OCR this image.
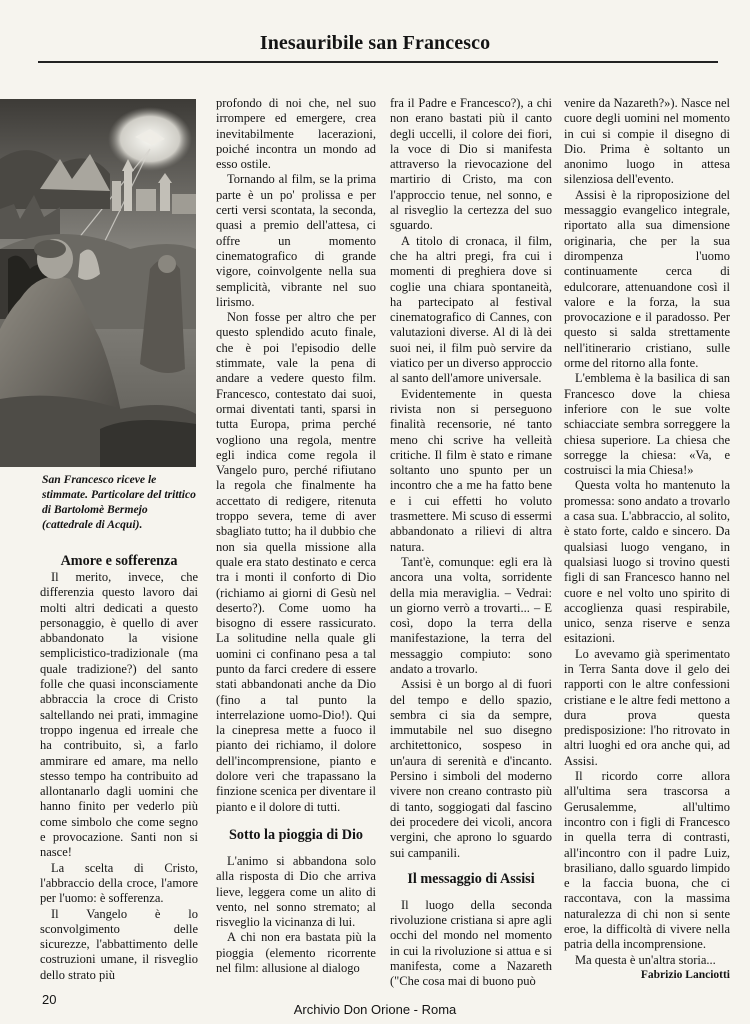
Inesauribile san Francesco
San Francesco riceve le stimmate. Particolare del trittico di Bartolomè Bermejo (cattedrale di Acqui).
Amore e sofferenza

Il merito, invece, che differenzia questo lavoro dai molti altri dedicati a questo personaggio, è quello di aver abbandonato la visione semplicistico-tradizionale (ma quale tradizione?) del santo folle che quasi inconsciamente abbraccia la croce di Cristo saltellando nei prati, immagine troppo ingenua ed irreale che ha contribuito, sì, a farlo ammirare ed amare, ma nello stesso tempo ha contribuito ad allontanarlo dagli uomini che hanno finito per vederlo più come simbolo che come segno e provocazione. Santi non si nasce!

La scelta di Cristo, l'abbraccio della croce, l'amore per l'uomo: è sofferenza.

Il Vangelo è lo sconvolgimento delle sicurezze, l'abbattimento delle costruzioni umane, il risveglio dello strato più

profondo di noi che, nel suo irrompere ed emergere, crea inevitabilmente lacerazioni, poiché incontra un mondo ad esso ostile.

Tornando al film, se la prima parte è un po' prolissa e per certi versi scontata, la seconda, quasi a premio dell'attesa, ci offre un momento cinematografico di grande vigore, coinvolgente nella sua semplicità, vibrante nel suo lirismo.

Non fosse per altro che per questo splendido acuto finale, che è poi l'episodio delle stimmate, vale la pena di andare a vedere questo film. Francesco, contestato dai suoi, ormai diventati tanti, sparsi in tutta Europa, prima perché vogliono una regola, mentre egli indica come regola il Vangelo puro, perché rifiutano la regola che finalmente ha accettato di redigere, ritenuta troppo severa, teme di aver sbagliato tutto; ha il dubbio che non sia quella missione alla quale era stato destinato e cerca tra i monti il conforto di Dio (richiamo ai giorni di Gesù nel deserto?). Come uomo ha bisogno di essere rassicurato. La solitudine nella quale gli uomini ci confinano pesa a tal punto da farci credere di essere stati abbandonati anche da Dio (fino a tal punto la interrelazione uomo-Dio!). Qui la cinepresa mette a fuoco il pianto dei richiamo, il dolore dell'incomprensione, pianto e dolore veri che trapassano la finzione scenica per diventare il pianto e il dolore di tutti.

Sotto la pioggia di Dio

L'animo si abbandona solo alla risposta di Dio che arriva lieve, leggera come un alito di vento, nel sonno stremato; al risveglio la vicinanza di lui.

A chi non era bastata più la pioggia (elemento ricorrente nel film: allusione al dialogo

fra il Padre e Francesco?), a chi non erano bastati più il canto degli uccelli, il colore dei fiori, la voce di Dio si manifesta attraverso la rievocazione del martirio di Cristo, ma con l'approccio tenue, nel sonno, e al risveglio la certezza del suo sguardo.

A titolo di cronaca, il film, che ha altri pregi, fra cui i momenti di preghiera dove si coglie una chiara spontaneità, ha partecipato al festival cinematografico di Cannes, con valutazioni diverse. Al di là dei suoi nei, il film può servire da viatico per un diverso approccio al santo dell'amore universale.

Evidentemente in questa rivista non si perseguono finalità recensorie, né tanto meno chi scrive ha velleità critiche. Il film è stato e rimane soltanto uno spunto per un incontro che a me ha fatto bene e i cui effetti ho voluto trasmettere. Mi scuso di essermi abbandonato a rilievi di altra natura.

Tant'è, comunque: egli era là ancora una volta, sorridente della mia meraviglia. – Vedrai: un giorno verrò a trovarti... – E così, dopo la terra della manifestazione, la terra del messaggio compiuto: sono andato a trovarlo.

Assisi è un borgo al di fuori del tempo e dello spazio, sembra ci sia da sempre, immutabile nel suo disegno architettonico, sospeso in un'aura di serenità e d'incanto. Persino i simboli del moderno vivere non creano contrasto più di tanto, soggiogati dal fascino dei procedere dei vicoli, ancora vergini, che aprono lo sguardo sui campanili.

Il messaggio di Assisi

Il luogo della seconda rivoluzione cristiana si apre agli occhi del mondo nel momento in cui la rivoluzione si attua e si manifesta, come a Nazareth ("Che cosa mai di buono può

venire da Nazareth?»). Nasce nel cuore degli uomini nel momento in cui si compie il disegno di Dio. Prima è soltanto un anonimo luogo in attesa silenziosa dell'evento.

Assisi è la riproposizione del messaggio evangelico integrale, riportato alla sua dimensione originaria, che per la sua dirompenza l'uomo continuamente cerca di edulcorare, attenuandone così il valore e la forza, la sua provocazione e il paradosso. Per questo si salda strettamente nell'itinerario cristiano, sulle orme del ritorno alla fonte.

L'emblema è la basilica di san Francesco dove la chiesa inferiore con le sue volte schiacciate sembra sorreggere la chiesa superiore. La chiesa che sorregge la chiesa: «Va, e costruisci la mia Chiesa!»

Questa volta ho mantenuto la promessa: sono andato a trovarlo a casa sua. L'abbraccio, al solito, è stato forte, caldo e sincero. Da qualsiasi luogo vengano, in qualsiasi luogo si trovino questi figli di san Francesco hanno nel cuore e nel volto uno spirito di accoglienza quasi respirabile, unico, senza riserve e senza esitazioni.

Lo avevamo già sperimentato in Terra Santa dove il gelo dei rapporti con le altre confessioni cristiane e le altre fedi mettono a dura prova questa predisposizione: l'ho ritrovato in altri luoghi ed ora anche qui, ad Assisi.

Il ricordo corre allora all'ultima sera trascorsa a Gerusalemme, all'ultimo incontro con i figli di Francesco in quella terra di contrasti, all'incontro con il padre Luiz, brasiliano, dallo sguardo limpido e la faccia buona, che ci raccontava, con la massima naturalezza di chi non si sente eroe, la difficoltà di vivere nella patria della incomprensione.

Ma questa è un'altra storia...
Fabrizio Lanciotti

20
Archivio Don Orione - Roma
